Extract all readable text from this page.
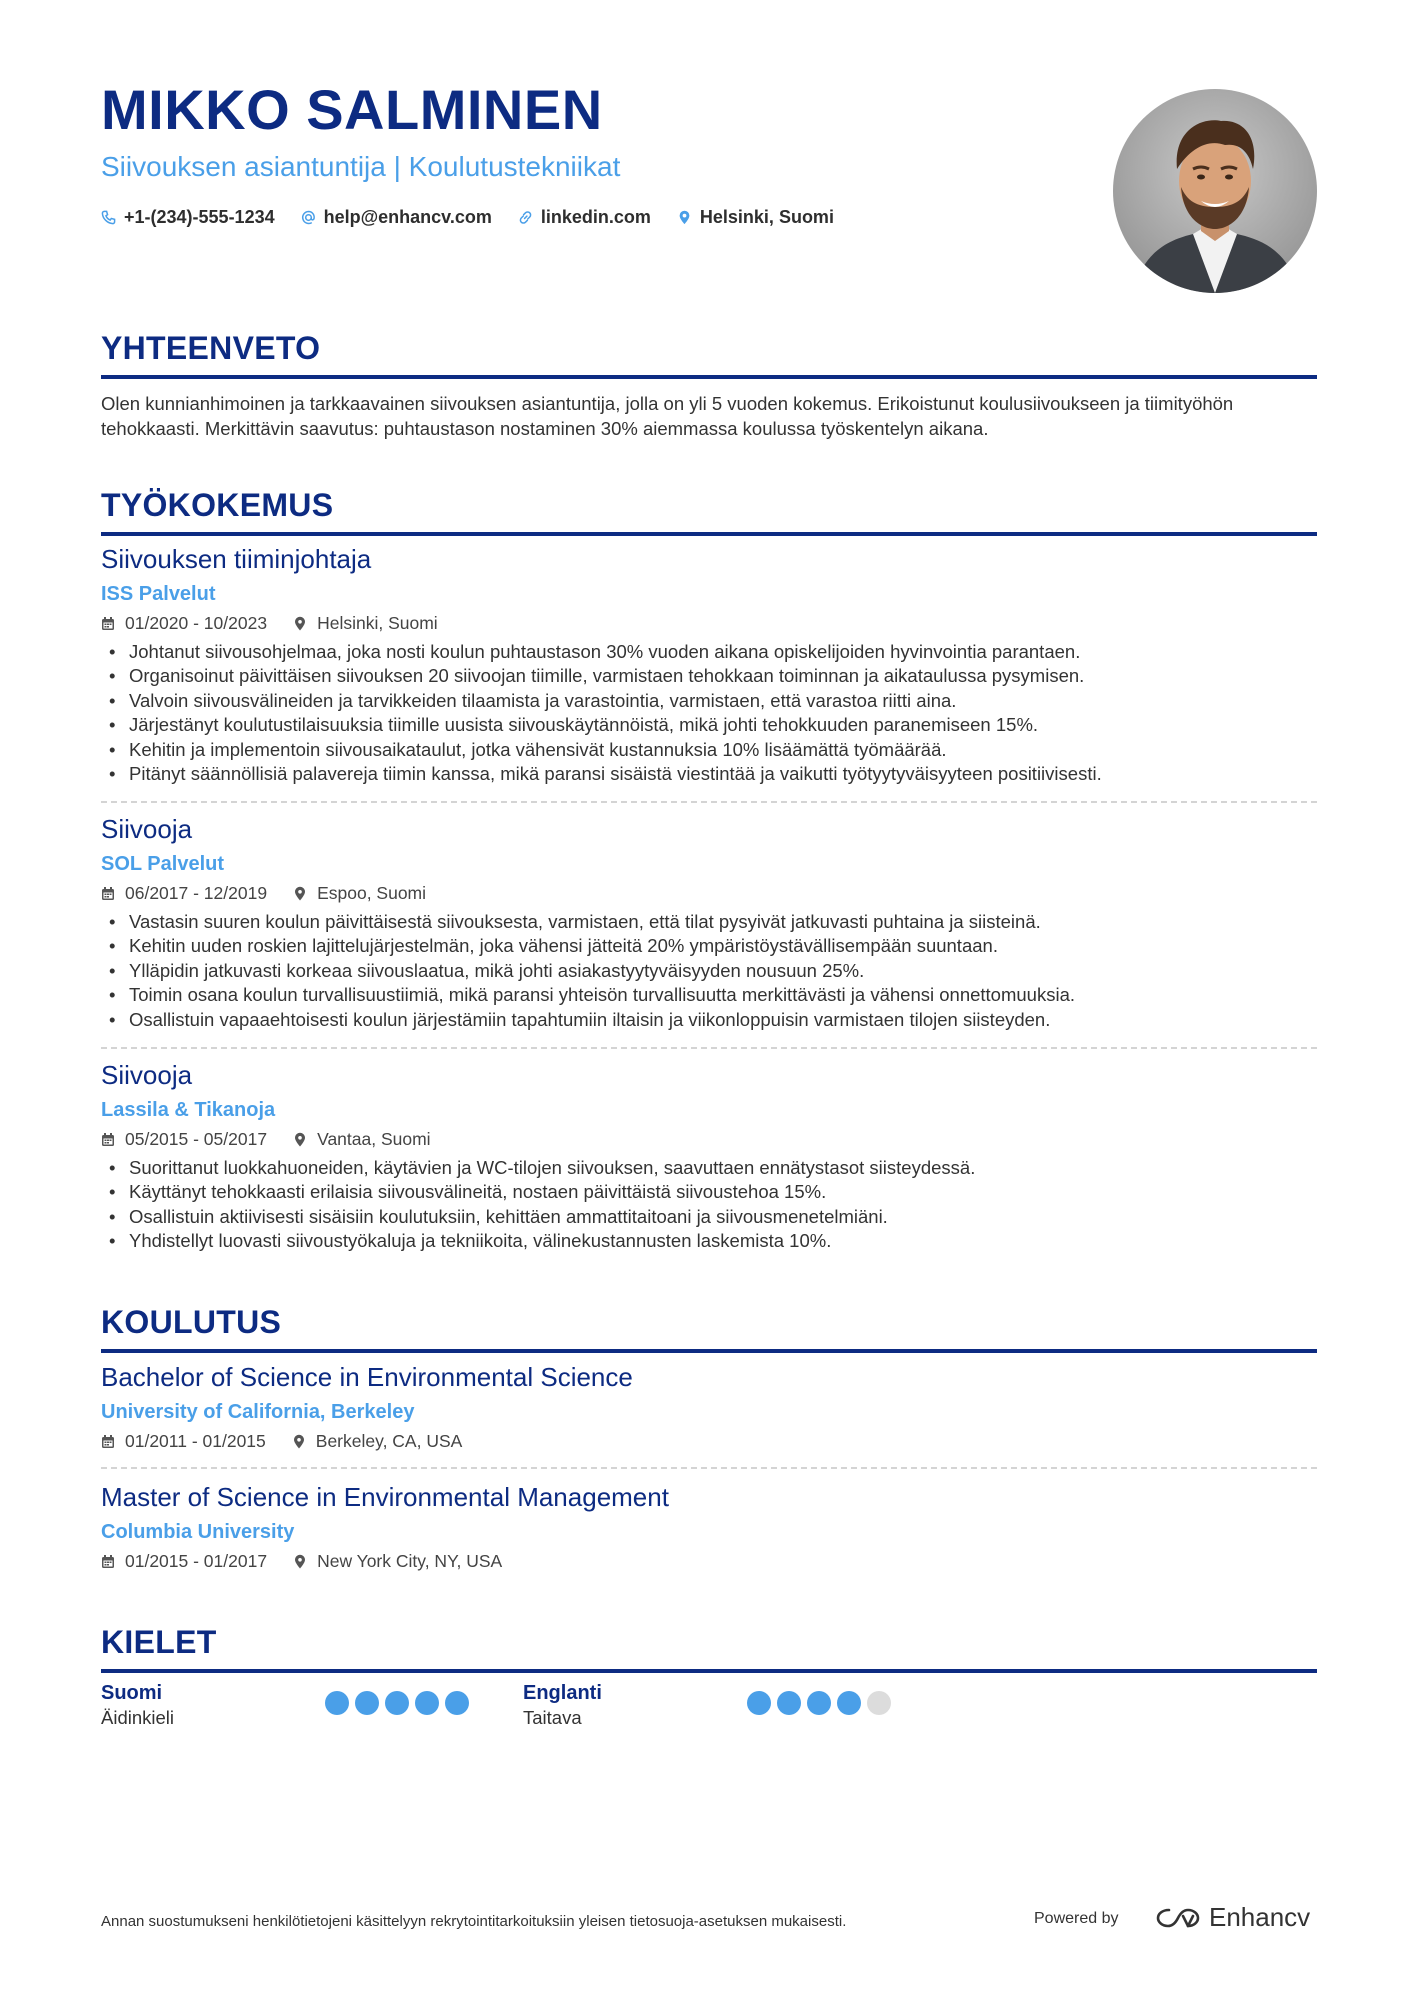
MIKKO SALMINEN
Siivouksen asiantuntija | Koulutustekniikat
+1-(234)-555-1234	help@enhancv.com	linkedin.com	Helsinki, Suomi
YHTEENVETO
Olen kunnianhimoinen ja tarkkaavainen siivouksen asiantuntija, jolla on yli 5 vuoden kokemus. Erikoistunut koulusiivoukseen ja tiimityöhön tehokkaasti. Merkittävin saavutus: puhtaustason nostaminen 30% aiemmassa koulussa työskentelyn aikana.
TYÖKOKEMUS
Siivouksen tiiminjohtaja
ISS Palvelut
01/2020 - 10/2023	Helsinki, Suomi
• Johtanut siivousohjelmaa, joka nosti koulun puhtaustason 30% vuoden aikana opiskelijoiden hyvinvointia parantaen.
• Organisoinut päivittäisen siivouksen 20 siivoojan tiimille, varmistaen tehokkaan toiminnan ja aikataulussa pysymisen.
• Valvoin siivousvälineiden ja tarvikkeiden tilaamista ja varastointia, varmistaen, että varastoa riitti aina.
• Järjestänyt koulutustilaisuuksia tiimille uusista siivouskäytännöistä, mikä johti tehokkuuden paranemiseen 15%.
• Kehitin ja implementoin siivousaikataulut, jotka vähensivät kustannuksia 10% lisäämättä työmäärää.
• Pitänyt säännöllisiä palavereja tiimin kanssa, mikä paransi sisäistä viestintää ja vaikutti työtyytyväisyyteen positiivisesti.
Siivooja
SOL Palvelut
06/2017 - 12/2019	Espoo, Suomi
• Vastasin suuren koulun päivittäisestä siivouksesta, varmistaen, että tilat pysyivät jatkuvasti puhtaina ja siisteinä.
• Kehitin uuden roskien lajittelujärjestelmän, joka vähensi jätteitä 20% ympäristöystävällisempään suuntaan.
• Ylläpidin jatkuvasti korkeaa siivouslaatua, mikä johti asiakastyytyväisyyden nousuun 25%.
• Toimin osana koulun turvallisuustiimiä, mikä paransi yhteisön turvallisuutta merkittävästi ja vähensi onnettomuuksia.
• Osallistuin vapaaehtoisesti koulun järjestämiin tapahtumiin iltaisin ja viikonloppuisin varmistaen tilojen siisteyden.
Siivooja
Lassila & Tikanoja
05/2015 - 05/2017	Vantaa, Suomi
• Suorittanut luokkahuoneiden, käytävien ja WC-tilojen siivouksen, saavuttaen ennätystasot siisteydessä.
• Käyttänyt tehokkaasti erilaisia siivousvälineitä, nostaen päivittäistä siivoustehoa 15%.
• Osallistuin aktiivisesti sisäisiin koulutuksiin, kehittäen ammattitaitoani ja siivousmenetelmiäni.
• Yhdistellyt luovasti siivoustyökaluja ja tekniikoita, välinekustannusten laskemista 10%.
KOULUTUS
Bachelor of Science in Environmental Science
University of California, Berkeley
01/2011 - 01/2015	Berkeley, CA, USA
Master of Science in Environmental Management
Columbia University
01/2015 - 01/2017	New York City, NY, USA
KIELET
Suomi
Äidinkieli
Englanti
Taitava
Annan suostumukseni henkilötietojeni käsittelyyn rekrytointitarkoituksiin yleisen tietosuoja-asetuksen mukaisesti.	Powered by	Enhancv
